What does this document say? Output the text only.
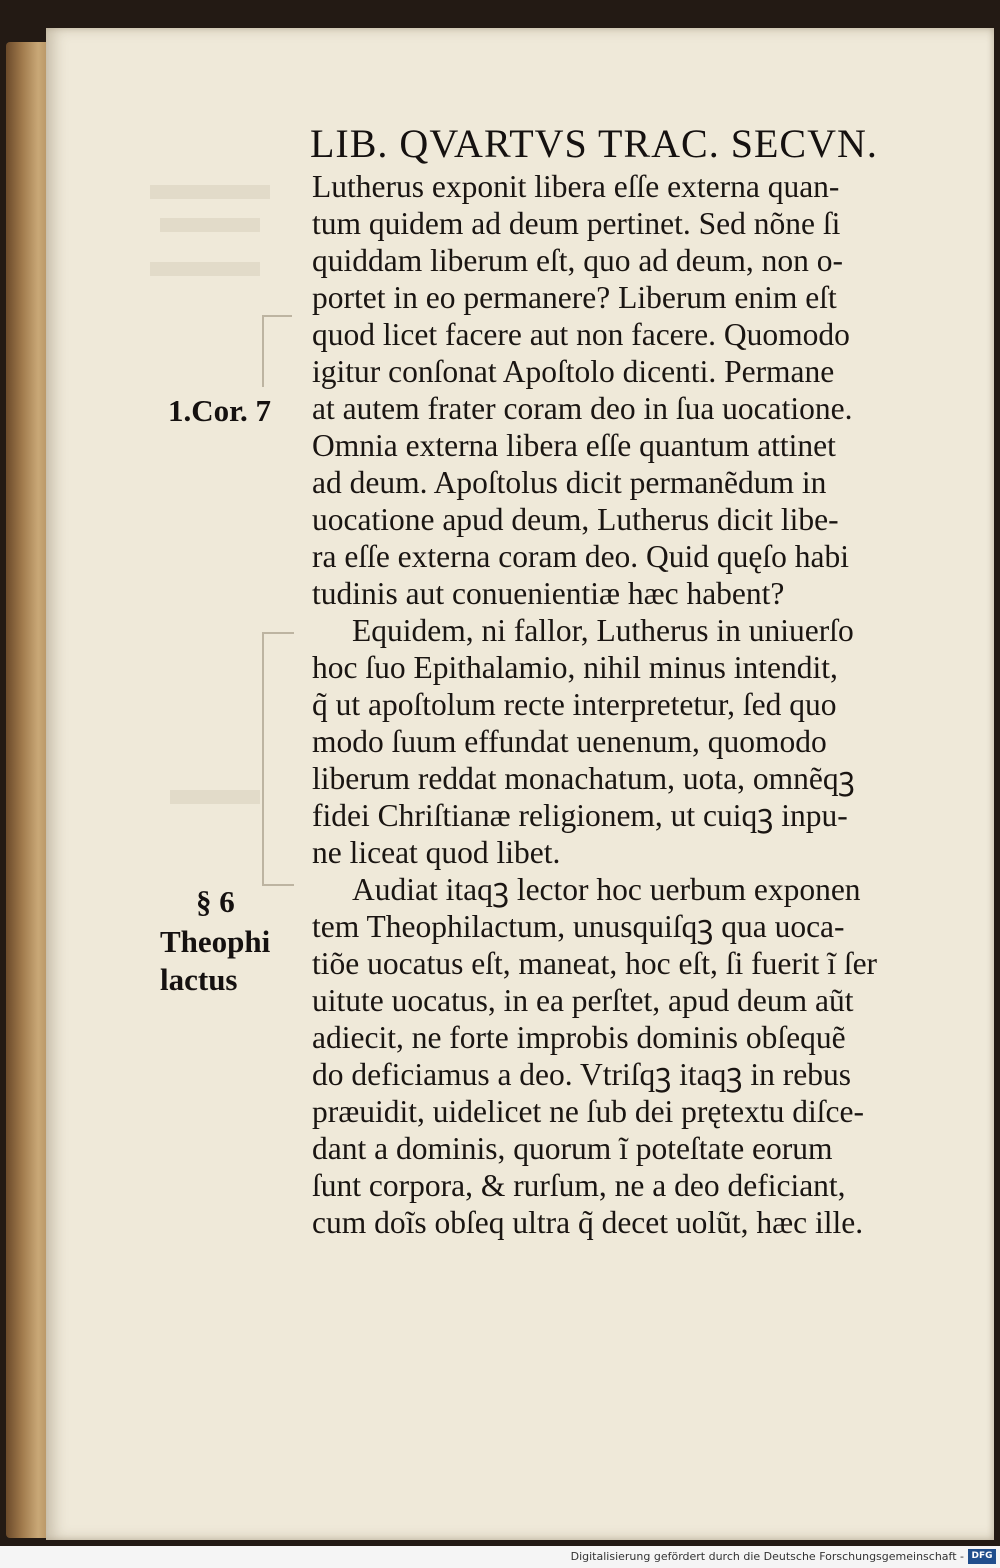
LIB. QVARTVS TRAC. SECVN.
Lutherus exponit libera eſſe externa quan-
tum quidem ad deum pertinet. Sed nõne ſi
quiddam liberum eſt, quo ad deum, non o-
portet in eo permanere? Liberum enim eſt
quod licet facere aut non facere. Quomodo
igitur conſonat Apoſtolo dicenti. Permane
at autem frater coram deo in ſua uocatione.
Omnia externa libera eſſe quantum attinet
ad deum. Apoſtolus dicit permanẽdum in
uocatione apud deum, Lutherus dicit libe-
ra eſſe externa coram deo. Quid quęſo habi
tudinis aut conuenientiæ hæc habent?
Equidem, ni fallor, Lutherus in uniuerſo
hoc ſuo Epithalamio, nihil minus intendit,
q̃ ut apoſtolum recte interpretetur, ſed quo
modo ſuum effundat uenenum, quomodo
liberum reddat monachatum, uota, omnẽqꝫ
fidei Chriſtianæ religionem, ut cuiqꝫ inpu-
ne liceat quod libet.
Audiat itaqꝫ lector hoc uerbum exponen
tem Theophilactum, unusquiſqꝫ qua uoca-
tiõe uocatus eſt, maneat, hoc eſt, ſi fuerit ĩ ſer
uitute uocatus, in ea perſtet, apud deum aũt
adiecit, ne forte improbis dominis obſequẽ
do deficiamus a deo. Vtriſqꝫ itaqꝫ in rebus
præuidit, uidelicet ne ſub dei prętextu diſce-
dant a dominis, quorum ĩ poteſtate eorum
ſunt corpora, & rurſum, ne a deo deficiant,
cum doĩs obſeq ultra q̃ decet uolũt, hæc ille.
1.Cor. 7
§ 6
Theophi
lactus
Digitalisierung gefördert durch die Deutsche Forschungsgemeinschaft - DFG
